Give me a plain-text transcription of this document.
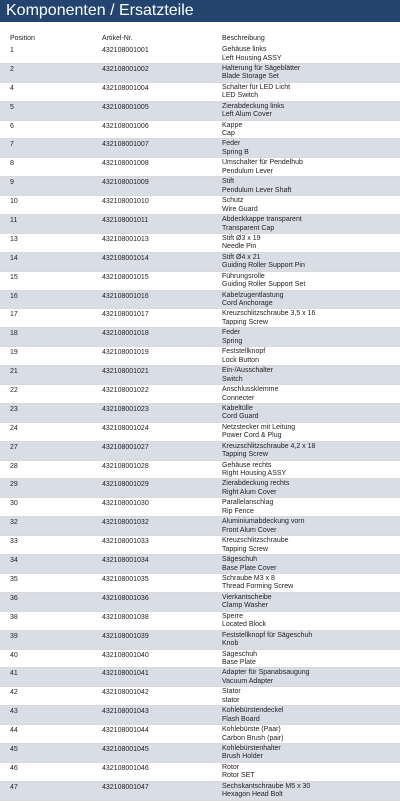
Komponenten / Ersatzteile
Position	Artikel-Nr.	Beschreibung
1	432108001001	Gehäuse links
Left Housing ASSY
2	432108001002	Halterung für Sägeblätter
Blade Storage Set
4	432108001004	Schalter für LED Licht
LED Switch
5	432108001005	Zierabdeckung links
Left Alum Cover
6	432108001006	Kappe
Cap
7	432108001007	Feder
Spring B
8	432108001008	Umschalter für Pendelhub
Pendulum Lever
9	432108001009	Stift
Pendulum Lever Shaft
10	432108001010	Schutz
Wire Guard
11	432108001011	Abdeckkappe transparent
Transparent Cap
13	432108001013	Stift Ø3 x 19
Needle Pin
14	432108001014	Stift Ø4 x 21
Guiding Roller Support Pin
15	432108001015	Führungsrolle
Guiding Roller Support Set
16	432108001016	Kabelzugentlastung
Cord Anchorage
17	432108001017	Kreuzschlitzschraube 3,5 x 16
Tapping Screw
18	432108001018	Feder
Spring
19	432108001019	Feststellknopf
Lock Button
21	432108001021	Ein-/Ausschalter
Switch
22	432108001022	Anschlussklemme
Connecter
23	432108001023	Kabeltülle
Cord Guard
24	432108001024	Netzstecker mit Leitung
Power Cord & Plug
27	432108001027	Kreuzschlitzschraube 4,2 x 18
Tapping Screw
28	432108001028	Gehäuse rechts
Right Housing ASSY
29	432108001029	Zierabdeckung rechts
Right Alum Cover
30	432108001030	Parallelanschlag
Rip Fence
32	432108001032	Aluminiumabdeckung vorn
Front Alum Cover
33	432108001033	Kreuzschlitzschraube
Tapping Screw
34	432108001034	Sägeschuh
Base Plate Cover
35	432108001035	Schraube M3 x 8
Thread Forming Screw
36	432108001036	Vierkantscheibe
Clamp Washer
38	432108001038	Sperre
Located Block
39	432108001039	Feststellknopf für Sägeschuh
Knob
40	432108001040	Sägeschuh
Base Plate
41	432108001041	Adapter für Spanabsaugung
Vacuum Adapter
42	432108001042	Stator
stator
43	432108001043	Kohlebürstendeckel
Flash Board
44	432108001044	Kohlebürste (Paar)
Carbon Brush (pair)
45	432108001045	Kohlebürstenhalter
Brush Holder
46	432108001046	Rotor
Rotor SET
47	432108001047	Sechskantschraube M5 x 30
Hexagon Head Bolt
